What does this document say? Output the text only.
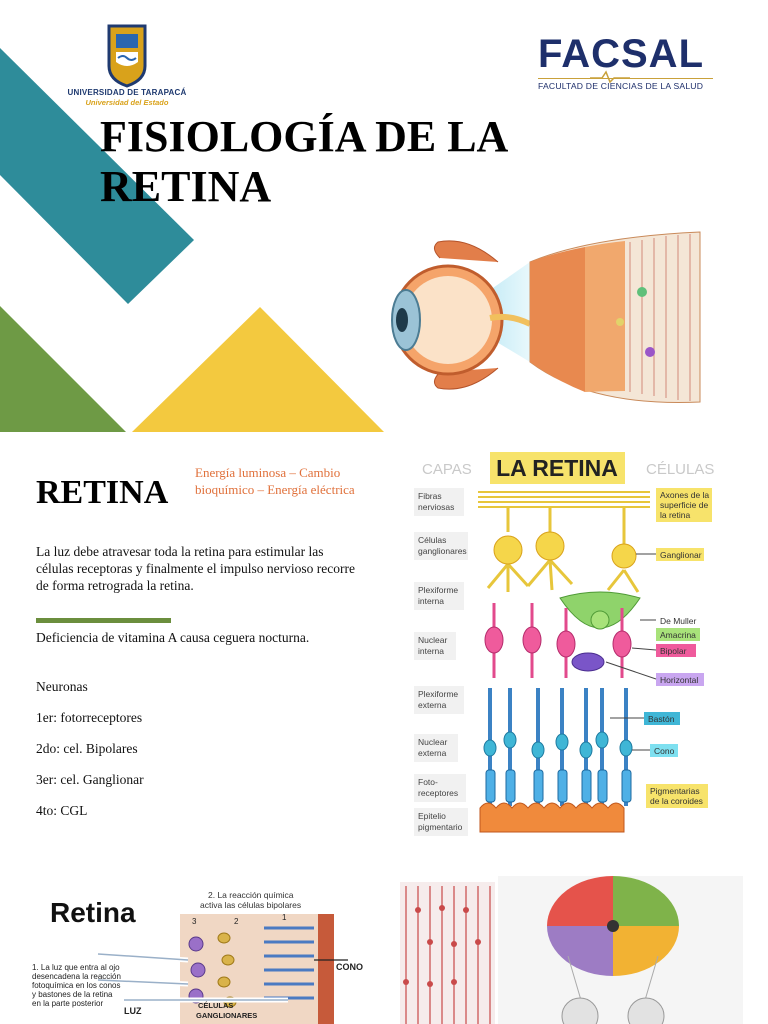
UNIVERSIDAD DE TARAPACÁ
Universidad del Estado
FACSAL
FACULTAD DE CIENCIAS DE LA SALUD
FISIOLOGÍA DE LA
RETINA
RETINA
Energía luminosa – Cambio bioquímico – Energía eléctrica
La luz debe atravesar toda la retina para estimular las células receptoras y finalmente el impulso nervioso recorre de forma retrograda la retina.
Deficiencia de vitamina A causa ceguera nocturna.
Neuronas
1er: fotorreceptores
2do: cel. Bipolares
3er: cel. Ganglionar
4to: CGL
CAPAS LA RETINA CÉLULAS
Fibras
nerviosas
Células
ganglionares
Plexiforme
interna
Nuclear
interna
Plexiforme
externa
Nuclear
externa
Foto-
receptores
Epitelio
pigmentario
Axones de la
superficie de
la retina
Ganglionar
De Muller
Amacrina
Bipolar
Horizontal
Bastón
Cono
Pigmentarias
de la coroides
Retina
2. La reacción química
activa las células bipolares
3	2	1
CONO
1. La luz que entra al ojo
desencadena la reacción
fotoquímica en los conos
y bastones de la retina
en la parte posterior
LUZ
CÉLULAS
GANGLIONARES
